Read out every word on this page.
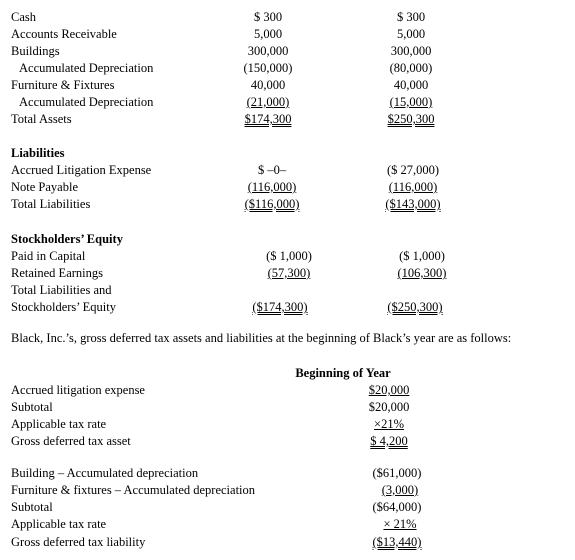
Cash	$ 300	$ 300
Accounts Receivable	5,000	5,000
Buildings	300,000	300,000
Accumulated Depreciation	(150,000)	(80,000)
Furniture & Fixtures	40,000	40,000
Accumulated Depreciation	(21,000)	(15,000)
Total Assets	$174,300	$250,300
Liabilities
Accrued Litigation Expense	$ –0–	($ 27,000)
Note Payable	(116,000)	(116,000)
Total Liabilities	($116,000)	($143,000)
Stockholders’ Equity
Paid in Capital	($ 1,000)	($ 1,000)
Retained Earnings	(57,300)	(106,300)
Total Liabilities and
Stockholders’ Equity	($174,300)	($250,300)
Black, Inc.’s, gross deferred tax assets and liabilities at the beginning of Black’s year are as follows:
Beginning of Year
Accrued litigation expense	$20,000
Subtotal	$20,000
Applicable tax rate	×21%
Gross deferred tax asset	$ 4,200
Building – Accumulated depreciation	($61,000)
Furniture & fixtures – Accumulated depreciation	(3,000)
Subtotal	($64,000)
Applicable tax rate	× 21%
Gross deferred tax liability	($13,440)
